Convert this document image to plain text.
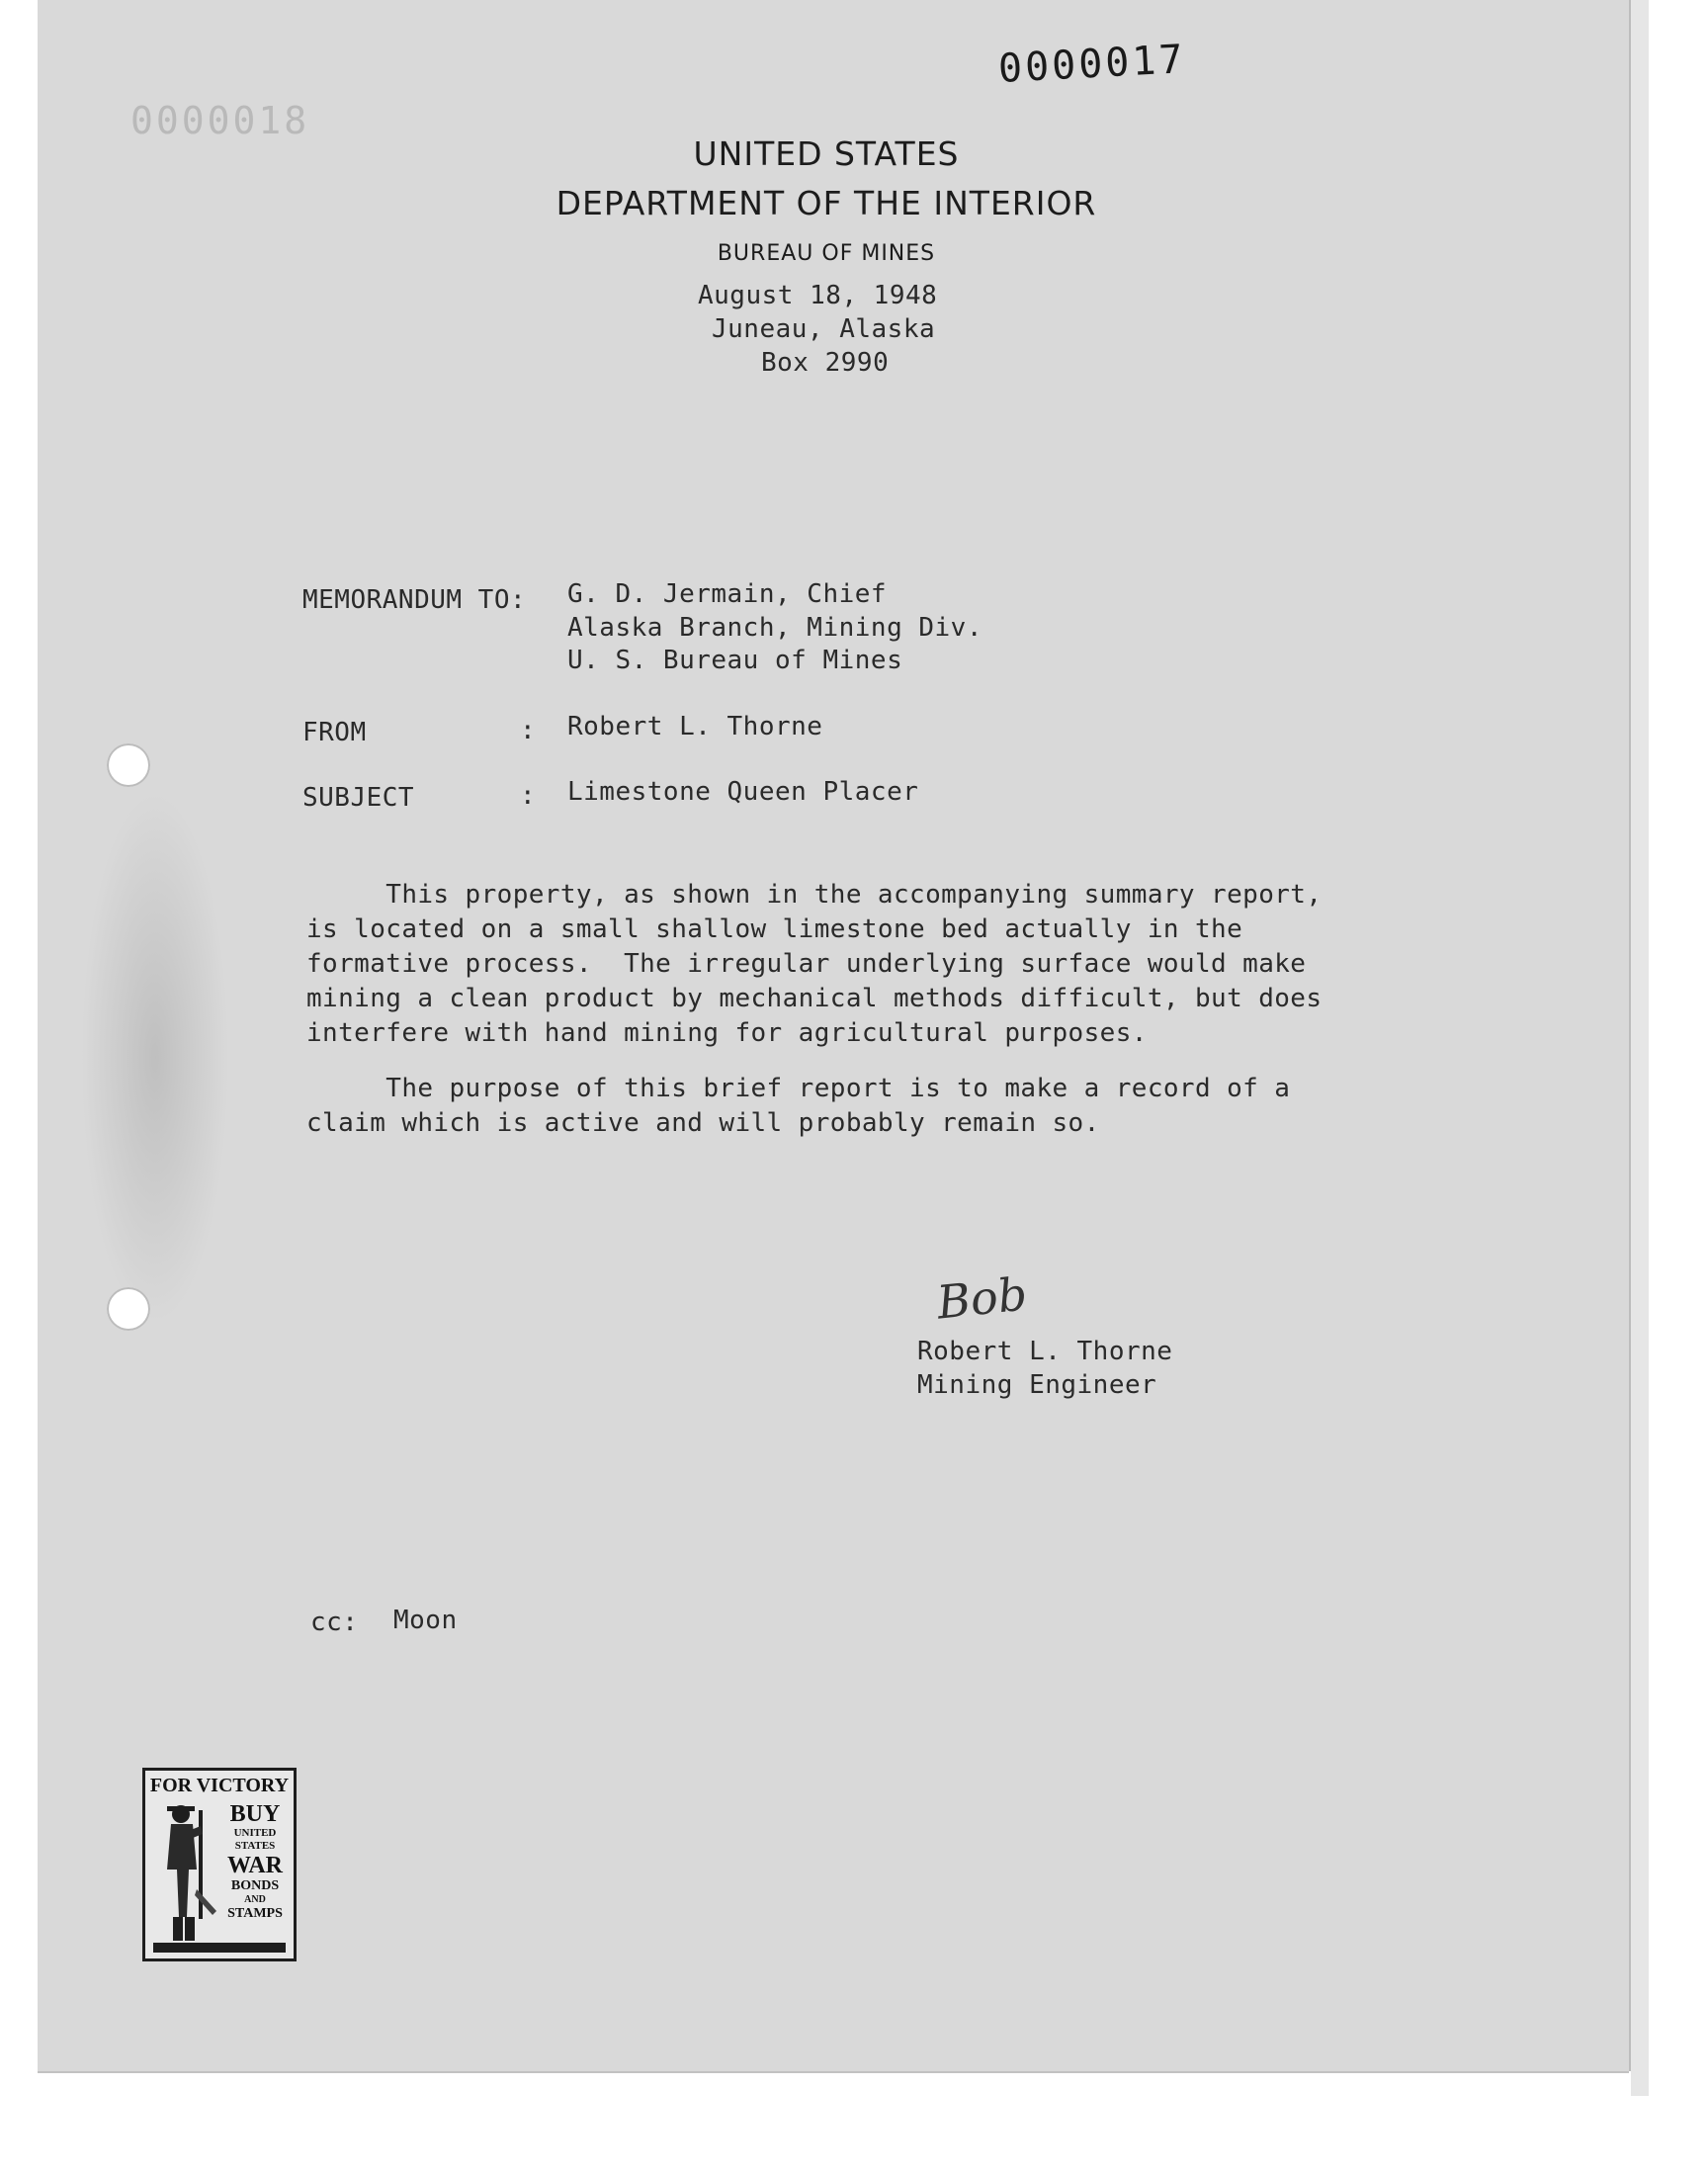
0000018
0000017
UNITED STATES
DEPARTMENT OF THE INTERIOR
BUREAU OF MINES
August 18, 1948
Juneau, Alaska
Box 2990
MEMORANDUM TO: G. D. Jermain, Chief
Alaska Branch, Mining Div.
U. S. Bureau of Mines
FROM	: Robert L. Thorne
SUBJECT	: Limestone Queen Placer
This property, as shown in the accompanying summary report,
is located on a small shallow limestone bed actually in the
formative process.  The irregular underlying surface would make
mining a clean product by mechanical methods difficult, but does
interfere with hand mining for agricultural purposes.
The purpose of this brief report is to make a record of a
claim which is active and will probably remain so.
Bob
Robert L. Thorne
Mining Engineer
cc: Moon
FOR VICTORY
BUY
UNITED
STATES
WAR
BONDS
AND
STAMPS
